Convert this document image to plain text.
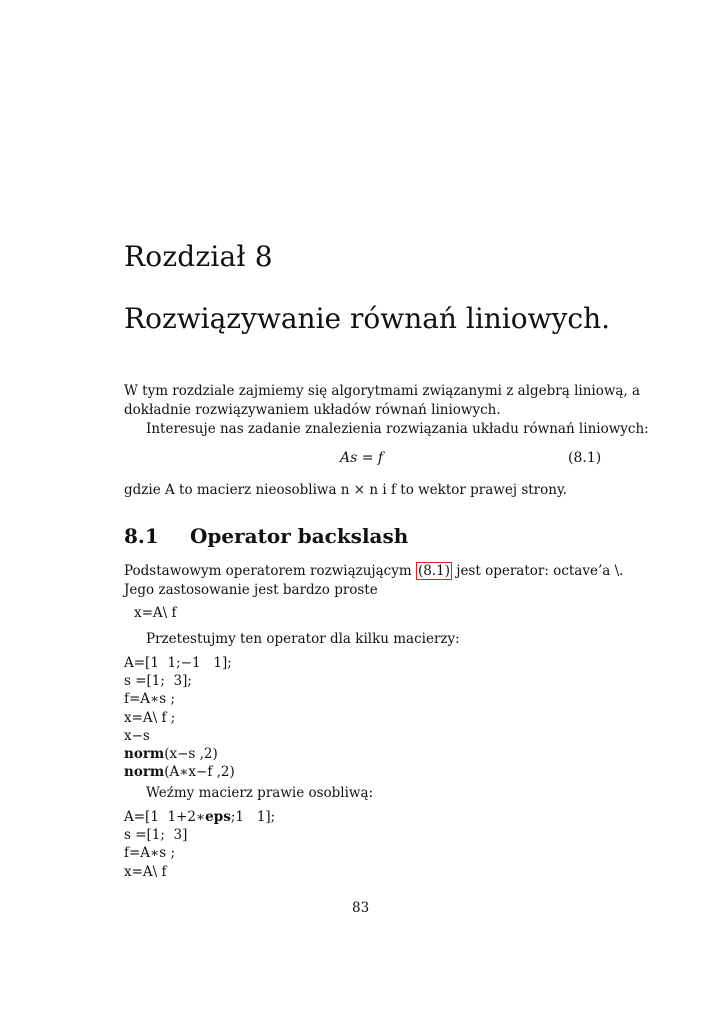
Rozdział 8
Rozwiązywanie równań liniowych.
W tym rozdziale zajmiemy się algorytmami związanymi z algebrą liniową, a
dokładnie rozwiązywaniem układów równań liniowych.
Interesuje nas zadanie znalezienia rozwiązania układu równań liniowych:
As = f	(8.1)
gdzie A to macierz nieosobliwa n × n i f to wektor prawej strony.
8.1 Operator backslash
Podstawowym operatorem rozwiązującym (8.1) jest operator: octave’a \.
Jego zastosowanie jest bardzo proste
x=A\ f
Przetestujmy ten operator dla kilku macierzy:
A=[1  1;−1   1];
s =[1;  3];
f=A∗s ;
x=A\ f ;
x−s
norm(x−s ,2)
norm(A∗x−f ,2)
Weźmy macierz prawie osobliwą:
A=[1  1+2∗eps;1   1];
s =[1;  3]
f=A∗s ;
x=A\ f
83
